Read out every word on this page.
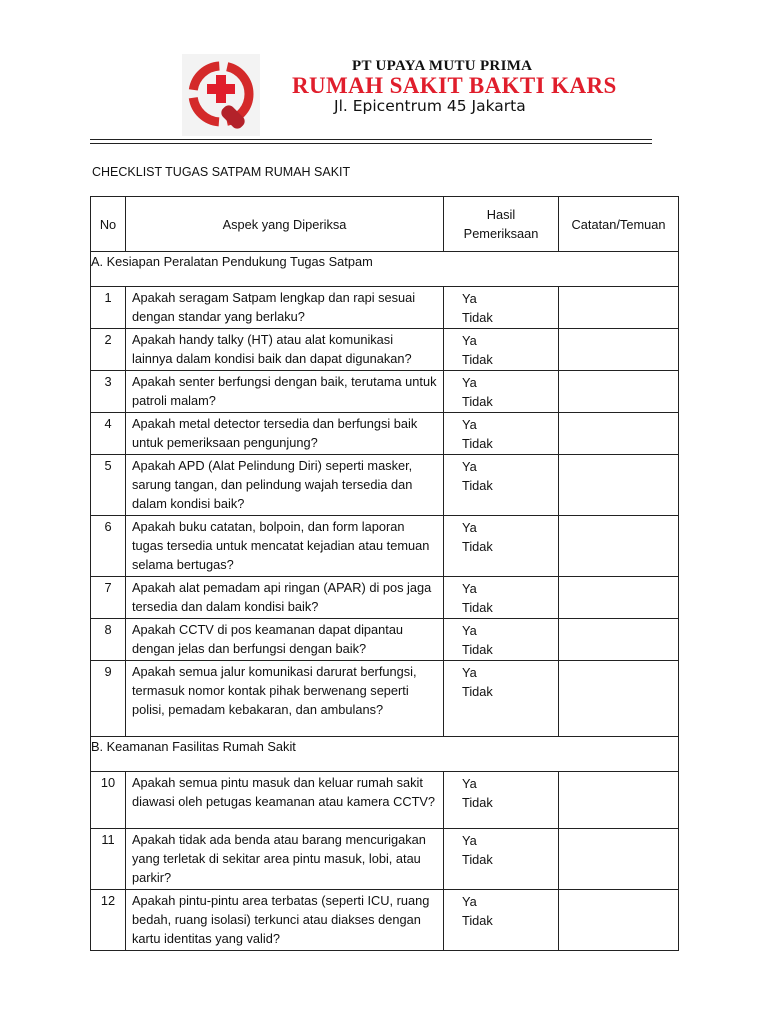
PT UPAYA MUTU PRIMA
RUMAH SAKIT BAKTI KARS
Jl. Epicentrum 45 Jakarta
CHECKLIST TUGAS SATPAM RUMAH SAKIT
No	Aspek yang Diperiksa	Hasil Pemeriksaan	Catatan/Temuan
A. Kesiapan Peralatan Pendukung Tugas Satpam			
1	Apakah seragam Satpam lengkap dan rapi sesuai dengan standar yang berlaku?	Ya
Tidak	

2	Apakah handy talky (HT) atau alat komunikasi lainnya dalam kondisi baik dan dapat digunakan?	Ya
Tidak	

3	Apakah senter berfungsi dengan baik, terutama untuk patroli malam?	Ya
Tidak	

4	Apakah metal detector tersedia dan berfungsi baik untuk pemeriksaan pengunjung?	Ya
Tidak	

5	Apakah APD (Alat Pelindung Diri) seperti masker, sarung tangan, dan pelindung wajah tersedia dan dalam kondisi baik?	Ya
Tidak	

6	Apakah buku catatan, bolpoin, dan form laporan tugas tersedia untuk mencatat kejadian atau temuan selama bertugas?	Ya
Tidak	

7	Apakah alat pemadam api ringan (APAR) di pos jaga tersedia dan dalam kondisi baik?	Ya
Tidak	

8	Apakah CCTV di pos keamanan dapat dipantau dengan jelas dan berfungsi dengan baik?	Ya
Tidak	

9	Apakah semua jalur komunikasi darurat berfungsi, termasuk nomor kontak pihak berwenang seperti polisi, pemadam kebakaran, dan ambulans?	Ya
Tidak	

B. Keamanan Fasilitas Rumah Sakit			
10	Apakah semua pintu masuk dan keluar rumah sakit diawasi oleh petugas keamanan atau kamera CCTV?	Ya
Tidak	

11	Apakah tidak ada benda atau barang mencurigakan yang terletak di sekitar area pintu masuk, lobi, atau parkir?	Ya
Tidak	

12	Apakah pintu-pintu area terbatas (seperti ICU, ruang bedah, ruang isolasi) terkunci atau diakses dengan kartu identitas yang valid?	Ya
Tidak	
